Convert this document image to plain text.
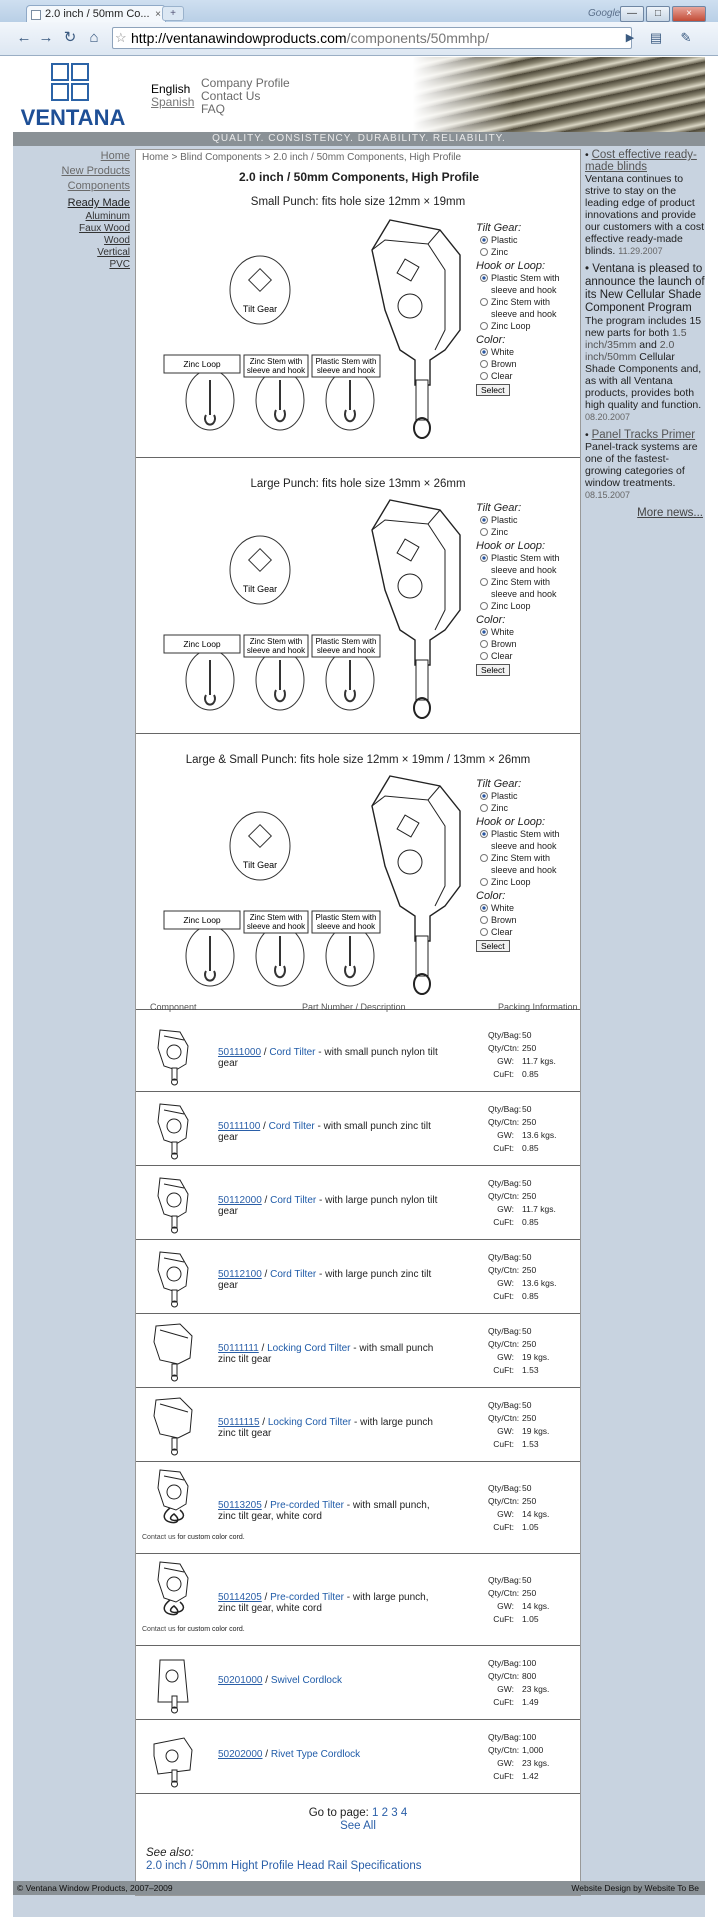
2.0 inch / 50mm Co... × +	Google —	□	×
← → ↻ ⌂	☆ http://ventanawindowproducts.com/components/50mmhp/	▶	▤	✎
VENTANA
English
Spanish
Company Profile
Contact Us
FAQ
QUALITY. CONSISTENCY. DURABILITY. RELIABILITY.
Home
New Products
Components
Ready Made
Aluminum
Faux Wood
Wood
Vertical
PVC
Home > Blind Components > 2.0 inch / 50mm Components, High Profile
2.0 inch / 50mm Components, High Profile
Small Punch: fits hole size 12mm × 19mm
Tilt Gear
Zinc Loop	Zinc Stem with
sleeve and hook
Plastic Stem with
sleeve and hook
Tilt Gear:
Plastic
Zinc
Hook or Loop:
Plastic Stem with sleeve and hook
Zinc Stem with sleeve and hook
Zinc Loop
Color:
White
Brown
Clear
Select
Large Punch: fits hole size 13mm × 26mm
Tilt Gear
Zinc Loop	Zinc Stem with
sleeve and hook
Plastic Stem with
sleeve and hook
Tilt Gear:
Plastic
Zinc
Hook or Loop:
Plastic Stem with sleeve and hook
Zinc Stem with sleeve and hook
Zinc Loop
Color:
White
Brown
Clear
Select
Large & Small Punch: fits hole size 12mm × 19mm / 13mm × 26mm
Tilt Gear
Zinc Loop	Zinc Stem with
sleeve and hook
Plastic Stem with
sleeve and hook
Tilt Gear:
Plastic
Zinc
Hook or Loop:
Plastic Stem with sleeve and hook
Zinc Stem with sleeve and hook
Zinc Loop
Color:
White
Brown
Clear
Select
Component	Part Number / Description	Packing Information
50111000 / Cord Tilter - with small punch nylon tilt gear
Qty/Bag:50
Qty/Ctn: 250
GW: 11.7 kgs.
CuFt: 0.85
50111100 / Cord Tilter - with small punch zinc tilt gear
Qty/Bag:50
Qty/Ctn: 250
GW: 13.6 kgs.
CuFt: 0.85
50112000 / Cord Tilter - with large punch nylon tilt gear
Qty/Bag:50
Qty/Ctn: 250
GW: 11.7 kgs.
CuFt: 0.85
50112100 / Cord Tilter - with large punch zinc tilt gear
Qty/Bag:50
Qty/Ctn: 250
GW: 13.6 kgs.
CuFt: 0.85
50111111 / Locking Cord Tilter - with small punch zinc tilt gear
Qty/Bag:50
Qty/Ctn: 250
GW: 19 kgs.
CuFt: 1.53
50111115 / Locking Cord Tilter - with large punch zinc tilt gear
Qty/Bag:50
Qty/Ctn: 250
GW: 19 kgs.
CuFt: 1.53
50113205 / Pre-corded Tilter - with small punch, zinc tilt gear, white cord
Contact us for custom color cord.
Qty/Bag:50
Qty/Ctn: 250
GW: 14 kgs.
CuFt: 1.05
50114205 / Pre-corded Tilter - with large punch, zinc tilt gear, white cord
Contact us for custom color cord.
Qty/Bag:50
Qty/Ctn: 250
GW: 14 kgs.
CuFt: 1.05
50201000 / Swivel Cordlock
Qty/Bag:100
Qty/Ctn: 800
GW: 23 kgs.
CuFt: 1.49
50202000 / Rivet Type Cordlock
Qty/Bag:100
Qty/Ctn: 1,000
GW: 23 kgs.
CuFt: 1.42
Go to page: 1 2 3 4
See All
See also:
2.0 inch / 50mm Hight Profile Head Rail Specifications

• Cost effective ready-made blinds
Ventana continues to strive to stay on the leading edge of product innovations and provide our customers with a cost effective ready-made blinds. 11.29.2007

• Ventana is pleased to announce the launch of its New Cellular Shade Component Program
The program includes 15 new parts for both 1.5 inch/35mm and 2.0 inch/50mm Cellular Shade Components and, as with all Ventana products, provides both high quality and function. 08.20.2007

• Panel Tracks Primer
Panel-track systems are one of the fastest-growing categories of window treatments.
08.15.2007

More news...
© Ventana Window Products, 2007–2009	Website Design by Website To Be
